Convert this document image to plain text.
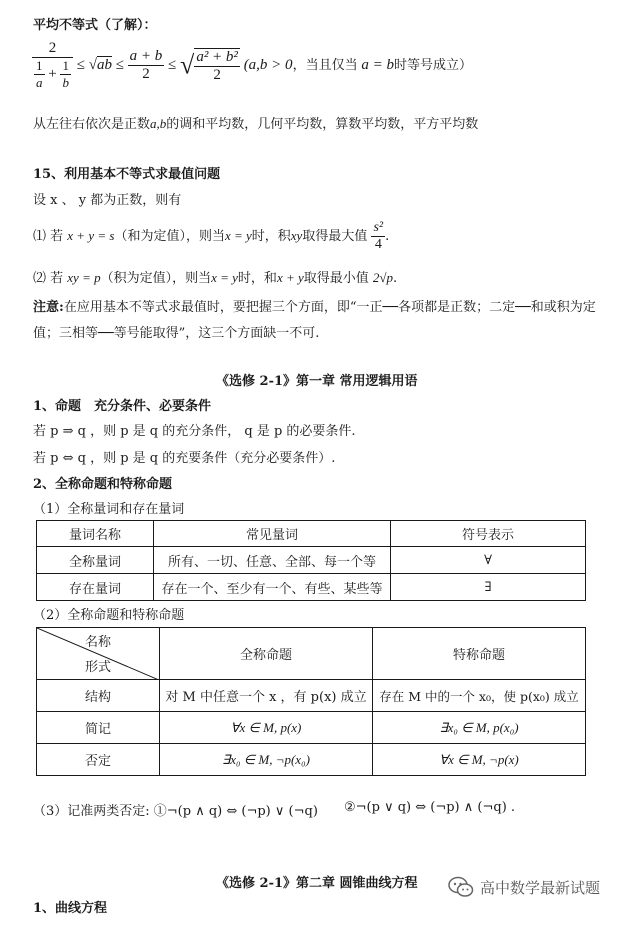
平均不等式（了解）：
$\frac{2}{\frac{1}{a} + \frac{1}{b}} \le √ab \le \frac{a + b}{2}$ ≤ √ $\frac{\text{a² + b²}}{2} (a,b > 0$，当且仅当 a = b时等号成立）
从左往右依次是正数a,b的调和平均数，几何平均数，算数平均数，平方平均数
15、利用基本不等式求最值问题
设 x 、 y 都为正数，则有
⑴ 若 x + y = s（和为定值），则当x = y时，积xy取得最大值 $\frac{\text{s²}}{4}$ .
⑵ 若 xy = p（积为定值），则当x = y时，和x + y取得最小值 2√p.
注意:在应用基本不等式求最值时，要把握三个方面，即“一正──各项都是正数；二定──和或积为定
值；三相等──等号能取得”，这三个方面缺一不可.
《选修 2-1》第一章 常用逻辑用语
1、命题　充分条件、必要条件
若 p ⇒ q ，则 p 是 q 的充分条件， q 是 p 的必要条件.
若 p ⇔ q ，则 p 是 q 的充要条件（充分必要条件）.
2、全称命题和特称命题
（1）全称量词和存在量词
量词名称	常见量词	符号表示
全称量词	所有、一切、任意、全部、每一个等	∀
存在量词	存在一个、至少有一个、有些、某些等	∃
（2）全称命题和特称命题
名称
形式	全称命题	特称命题
结构	对 M 中任意一个 x ，有 p(x) 成立	存在 M 中的一个 x₀，使 p(x₀) 成立
简记	∀x ∈ M, p(x)	∃x₀ ∈ M, p(x₀)
否定	∃x₀ ∈ M, ¬p(x₀)	∀x ∈ M, ¬p(x)
（3）记准两类否定: ①¬(p ∧ q) ⇔ (¬p) ∨ (¬q) ②¬(p ∨ q) ⇔ (¬p) ∧ (¬q) .
《选修 2-1》第二章 圆锥曲线方程
1、曲线方程
高中数学最新试题
